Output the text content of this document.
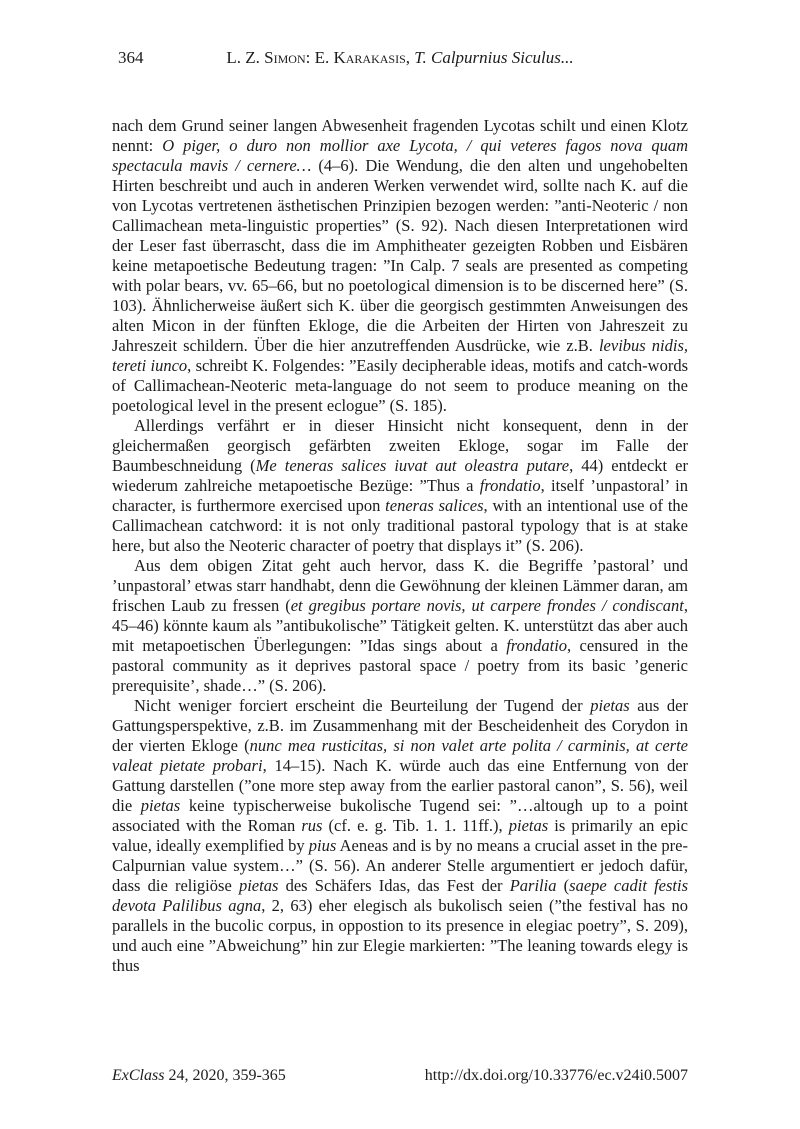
364	L. Z. Simon: E. Karakasis, T. Calpurnius Siculus...

nach dem Grund seiner langen Abwesenheit fragenden Lycotas schilt und einen Klotz nennt: O piger, o duro non mollior axe Lycota, / qui veteres fagos nova quam spectacula mavis / cernere… (4–6). Die Wendung, die den alten und ungehobelten Hirten beschreibt und auch in anderen Werken verwendet wird, sollte nach K. auf die von Lycotas vertretenen ästhetischen Prinzipien bezogen werden: ”anti-Neoteric / non Callimachean meta-linguistic properties” (S. 92). Nach diesen Interpretationen wird der Leser fast überrascht, dass die im Amphitheater gezeigten Robben und Eisbären keine metapoetische Bedeutung tragen: ”In Calp. 7 seals are presented as competing with polar bears, vv. 65–66, but no poetological dimension is to be discerned here” (S. 103). Ähnlicherweise äußert sich K. über die georgisch gestimmten Anweisungen des alten Micon in der fünften Ekloge, die die Arbeiten der Hirten von Jahreszeit zu Jahreszeit schildern. Über die hier anzutreffenden Ausdrücke, wie z.B. levibus nidis, tereti iunco, schreibt K. Folgendes: ”Easily decipherable ideas, motifs and catch-words of Callimachean-Neoteric meta-language do not seem to produce meaning on the poetological level in the present eclogue” (S. 185).

Allerdings verfährt er in dieser Hinsicht nicht konsequent, denn in der gleichermaßen georgisch gefärbten zweiten Ekloge, sogar im Falle der Baumbeschneidung (Me teneras salices iuvat aut oleastra putare, 44) entdeckt er wiederum zahlreiche metapoetische Bezüge: ”Thus a frondatio, itself ’unpastoral’ in character, is furthermore exercised upon teneras salices, with an intentional use of the Callimachean catchword: it is not only traditional pastoral typology that is at stake here, but also the Neoteric character of poetry that displays it” (S. 206).

Aus dem obigen Zitat geht auch hervor, dass K. die Begriffe ’pastoral’ und ’unpastoral’ etwas starr handhabt, denn die Gewöhnung der kleinen Lämmer daran, am frischen Laub zu fressen (et gregibus portare novis, ut carpere frondes / condiscant, 45–46) könnte kaum als ”antibukolische” Tätigkeit gelten. K. unterstützt das aber auch mit metapoetischen Überlegungen: ”Idas sings about a frondatio, censured in the pastoral community as it deprives pastoral space / poetry from its basic ’generic prerequisite’, shade…” (S. 206).

Nicht weniger forciert erscheint die Beurteilung der Tugend der pietas aus der Gattungsperspektive, z.B. im Zusammenhang mit der Bescheidenheit des Corydon in der vierten Ekloge (nunc mea rusticitas, si non valet arte polita / carminis, at certe valeat pietate probari, 14–15). Nach K. würde auch das eine Entfernung von der Gattung darstellen (”one more step away from the earlier pastoral canon”, S. 56), weil die pietas keine typischerweise bukolische Tugend sei: ”…altough up to a point associated with the Roman rus (cf. e. g. Tib. 1. 1. 11ff.), pietas is primarily an epic value, ideally exemplified by pius Aeneas and is by no means a crucial asset in the pre-Calpurnian value system…” (S. 56). An anderer Stelle argumentiert er jedoch dafür, dass die religiöse pietas des Schäfers Idas, das Fest der Parilia (saepe cadit festis devota Palilibus agna, 2, 63) eher elegisch als bukolisch seien (”the festival has no parallels in the bucolic corpus, in oppostion to its presence in elegiac poetry”, S. 209), und auch eine ”Abweichung” hin zur Elegie markierten: ”The leaning towards elegy is thus

ExClass 24, 2020, 359-365	http://dx.doi.org/10.33776/ec.v24i0.5007
